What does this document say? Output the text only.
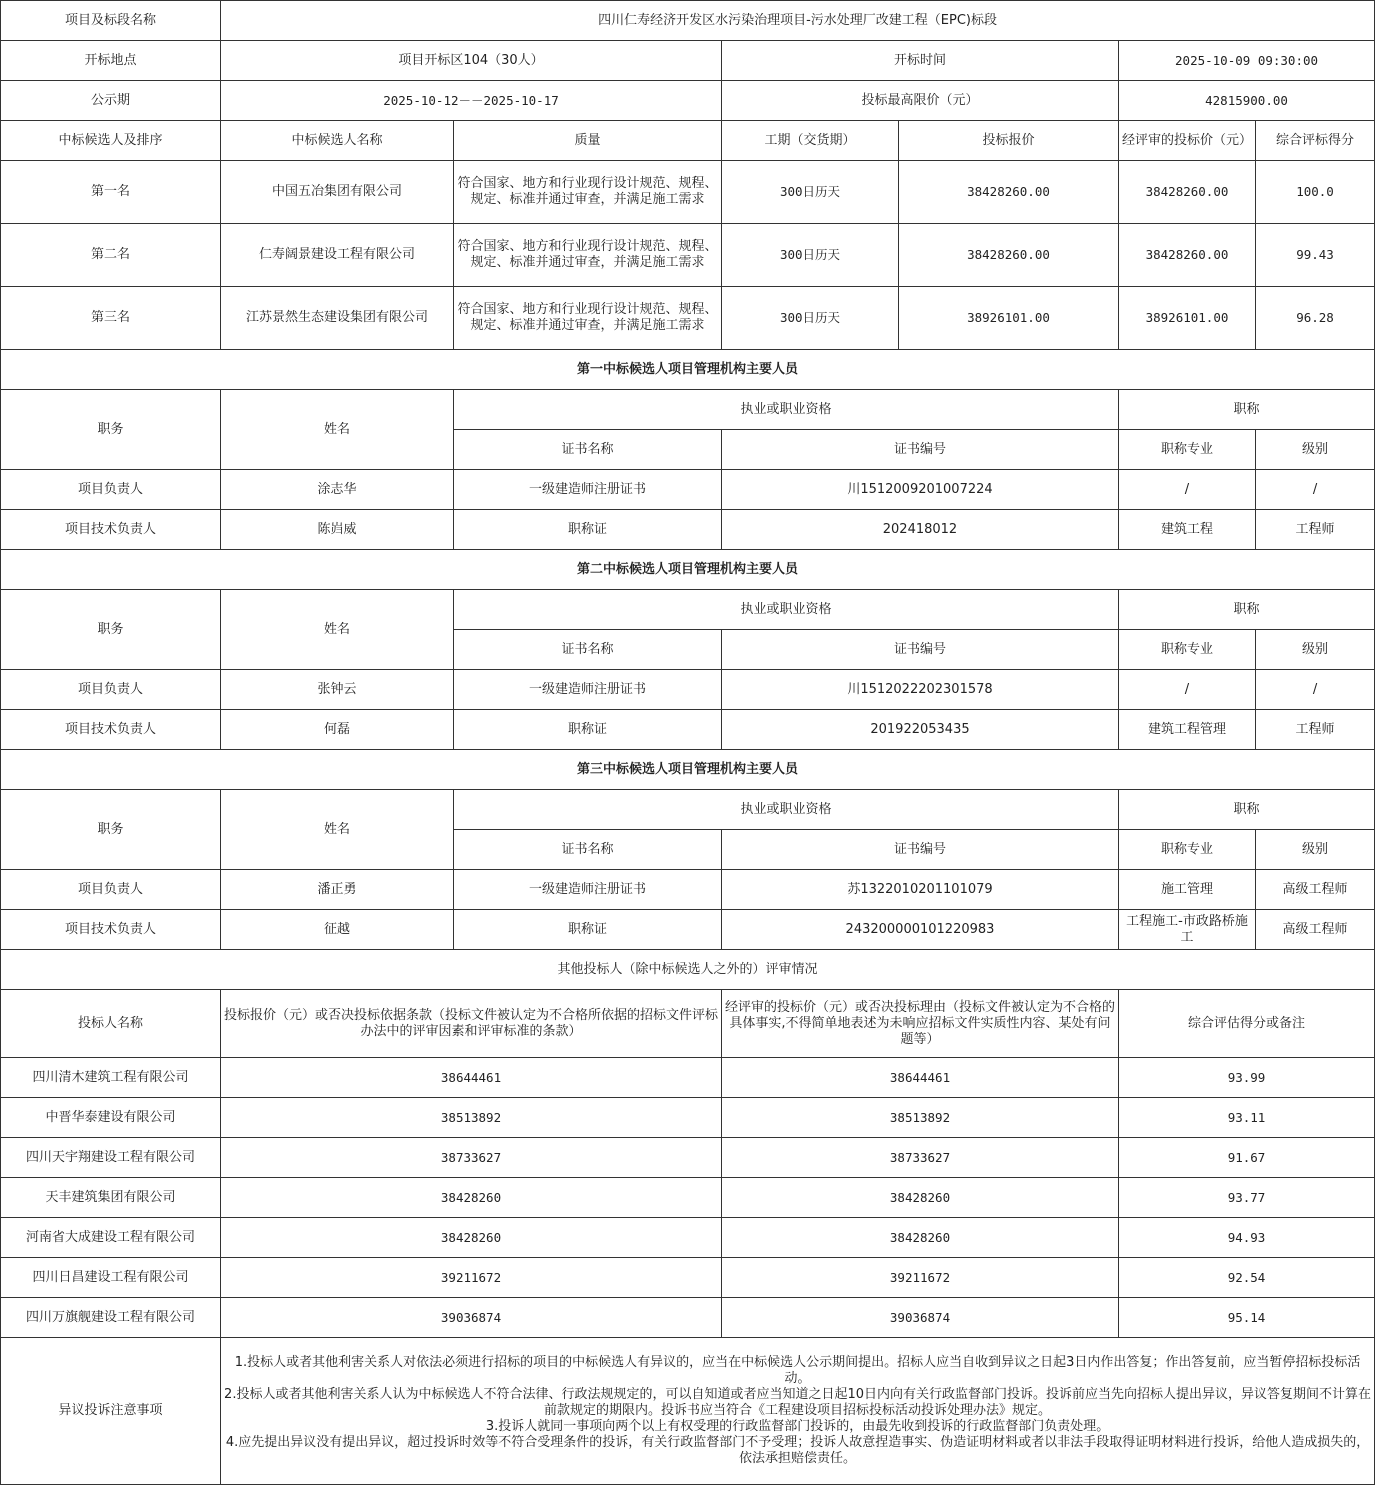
项目及标段名称	四川仁寿经济开发区水污染治理项目-污水处理厂改建工程（EPC)标段					
开标地点	项目开标区104（30人）		开标时间		2025-10-09 09:30:00	
公示期	2025-10-12－－2025-10-17		投标最高限价（元）		42815900.00	
中标候选人及排序	中标候选人名称	质量	工期（交货期）	投标报价	经评审的投标价（元）	综合评标得分
第一名	中国五冶集团有限公司	符合国家、地方和行业现行设计规范、规程、规定、标准并通过审查，并满足施工需求	300日历天	38428260.00	38428260.00	100.0
第二名	仁寿阔景建设工程有限公司	符合国家、地方和行业现行设计规范、规程、规定、标准并通过审查，并满足施工需求	300日历天	38428260.00	38428260.00	99.43
第三名	江苏景然生态建设集团有限公司	符合国家、地方和行业现行设计规范、规程、规定、标准并通过审查，并满足施工需求	300日历天	38926101.00	38926101.00	96.28
第一中标候选人项目管理机构主要人员						
职务	姓名	执业或职业资格			职称	
		证书名称	证书编号		职称专业	级别
项目负责人	涂志华	一级建造师注册证书	川1512009201007224		/	/
项目技术负责人	陈岿威	职称证	202418012		建筑工程	工程师
第二中标候选人项目管理机构主要人员						
职务	姓名	执业或职业资格			职称	
		证书名称	证书编号		职称专业	级别
项目负责人	张钟云	一级建造师注册证书	川1512022202301578		/	/
项目技术负责人	何磊	职称证	201922053435		建筑工程管理	工程师
第三中标候选人项目管理机构主要人员						
职务	姓名	执业或职业资格			职称	
		证书名称	证书编号		职称专业	级别
项目负责人	潘正勇	一级建造师注册证书	苏1322010201101079		施工管理	高级工程师
项目技术负责人	征越	职称证	243200000101220983		工程施工-市政路桥施工	高级工程师
其他投标人（除中标候选人之外的）评审情况						
投标人名称	投标报价（元）或否决投标依据条款（投标文件被认定为不合格所依据的招标文件评标办法中的评审因素和评审标准的条款）		经评审的投标价（元）或否决投标理由（投标文件被认定为不合格的具体事实,不得简单地表述为未响应招标文件实质性内容、某处有问题等）		综合评估得分或备注	
四川清木建筑工程有限公司	38644461		38644461		93.99	
中晋华泰建设有限公司	38513892		38513892		93.11	
四川天宇翔建设工程有限公司	38733627		38733627		91.67	
天丰建筑集团有限公司	38428260		38428260		93.77	
河南省大成建设工程有限公司	38428260		38428260		94.93	
四川日昌建设工程有限公司	39211672		39211672		92.54	
四川万旗舰建设工程有限公司	39036874		39036874		95.14	
异议投诉注意事项	1.投标人或者其他利害关系人对依法必须进行招标的项目的中标候选人有异议的，应当在中标候选人公示期间提出。招标人应当自收到异议之日起3日内作出答复；作出答复前，应当暂停招标投标活动。
2.投标人或者其他利害关系人认为中标候选人不符合法律、行政法规规定的，可以自知道或者应当知道之日起10日内向有关行政监督部门投诉。投诉前应当先向招标人提出异议，异议答复期间不计算在前款规定的期限内。投诉书应当符合《工程建设项目招标投标活动投诉处理办法》规定。
3.投诉人就同一事项向两个以上有权受理的行政监督部门投诉的，由最先收到投诉的行政监督部门负责处理。
4.应先提出异议没有提出异议，超过投诉时效等不符合受理条件的投诉，有关行政监督部门不予受理；投诉人故意捏造事实、伪造证明材料或者以非法手段取得证明材料进行投诉，给他人造成损失的，依法承担赔偿责任。					
